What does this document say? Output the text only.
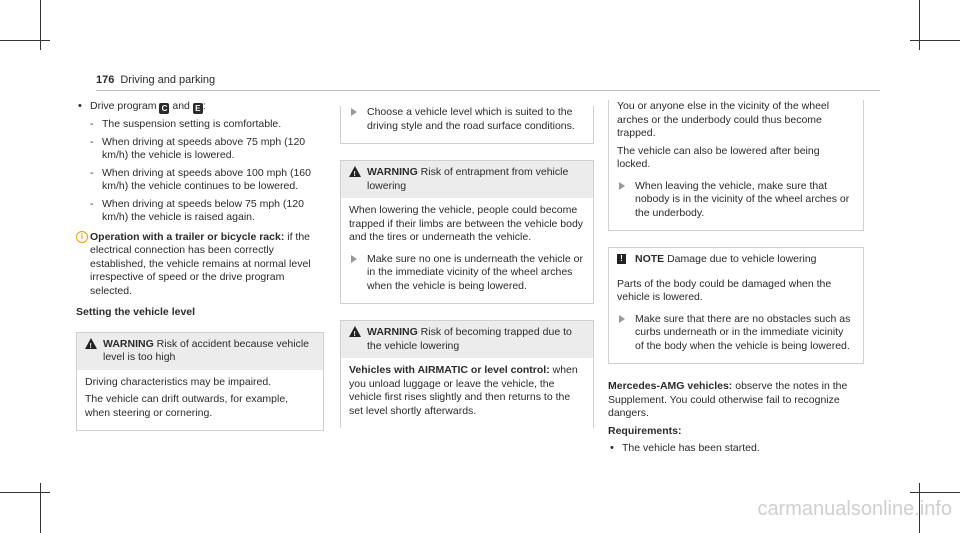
176 Driving and parking
• Drive program C and E :
- The suspension setting is comfortable.
- When driving at speeds above 75 mph (120 km/h) the vehicle is lowered.
- When driving at speeds above 100 mph (160 km/h) the vehicle continues to be lowered.
- When driving at speeds below 75 mph (120 km/h) the vehicle is raised again.
i Operation with a trailer or bicycle rack: if the electrical connection has been correctly established, the vehicle remains at normal level irrespective of speed or the drive program selected.
Setting the vehicle level
!
WARNING Risk of accident because vehicle level is too high

Driving characteristics may be impaired.

The vehicle can drift outwards, for example, when steering or cornering.

Choose a vehicle level which is suited to the driving style and the road surface conditions.
!
WARNING Risk of entrapment from vehicle lowering

When lowering the vehicle, people could become trapped if their limbs are between the vehicle body and the tires or underneath the vehicle.

Make sure no one is underneath the vehicle or in the immediate vicinity of the wheel arches when the vehicle is being lowered.
!
WARNING Risk of becoming trapped due to the vehicle lowering

Vehicles with AIRMATIC or level control: when you unload luggage or leave the vehicle, the vehicle first rises slightly and then returns to the set level shortly afterwards.

You or anyone else in the vicinity of the wheel arches or the underbody could thus become trapped.

The vehicle can also be lowered after being locked.

When leaving the vehicle, make sure that nobody is in the vicinity of the wheel arches or the underbody.
!	NOTE Damage due to vehicle lowering

Parts of the body could be damaged when the vehicle is lowered.

Make sure that there are no obstacles such as curbs underneath or in the immediate vicinity of the body when the vehicle is being lowered.

Mercedes-AMG vehicles: observe the notes in the Supplement. You could otherwise fail to recognize dangers.

Requirements:

• The vehicle has been started.
carmanualsonline.info
